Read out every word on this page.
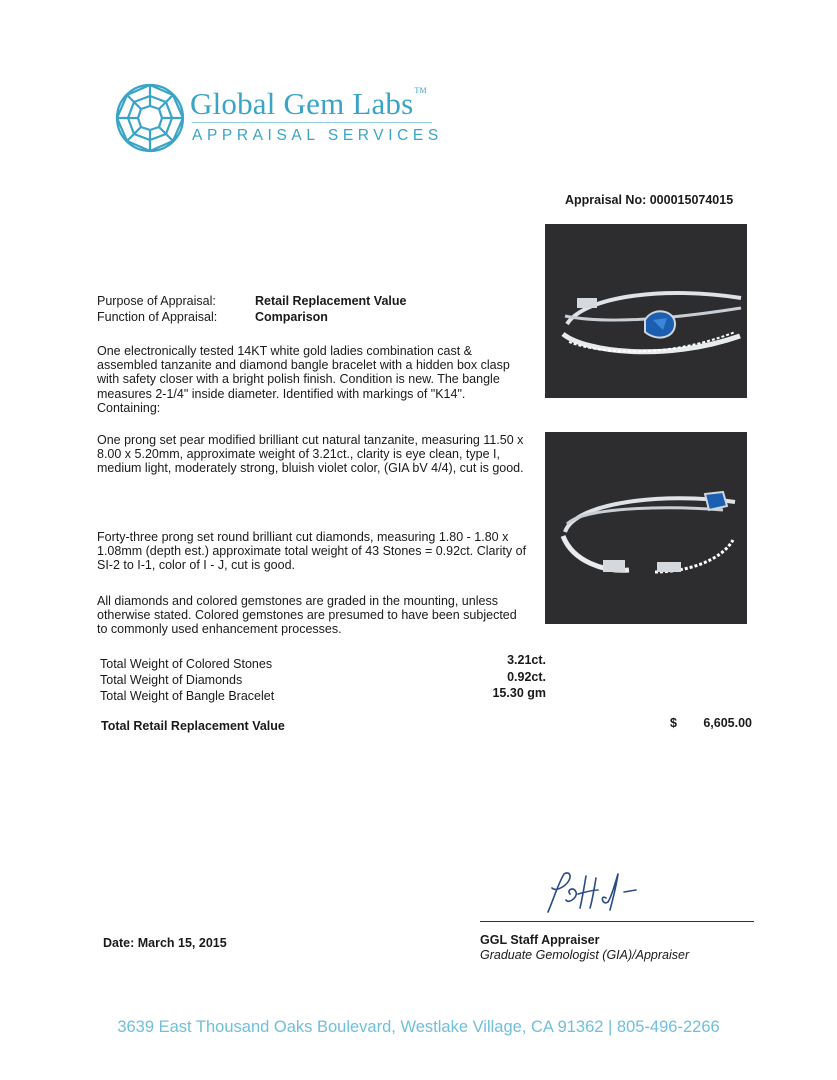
Global Gem Labs™
APPRAISAL SERVICES
Appraisal No: 000015074015
Purpose of Appraisal:	Retail Replacement Value
Function of Appraisal:	Comparison
One electronically tested 14KT white gold ladies combination cast & assembled tanzanite and diamond bangle bracelet with a hidden box clasp with safety closer with a bright polish finish. Condition is new. The bangle measures 2-1/4" inside diameter. Identified with markings of "K14". Containing:
One prong set pear modified brilliant cut natural tanzanite, measuring 11.50 x 8.00 x 5.20mm, approximate weight of 3.21ct., clarity is eye clean, type I, medium light, moderately strong, bluish violet color, (GIA bV 4/4), cut is good.
Forty-three prong set round brilliant cut diamonds, measuring 1.80 - 1.80 x 1.08mm (depth est.) approximate total weight of 43 Stones = 0.92ct. Clarity of SI-2 to I-1, color of I - J, cut is good.
All diamonds and colored gemstones are graded in the mounting, unless otherwise stated. Colored gemstones are presumed to have been subjected to commonly used enhancement processes.
Total Weight of Colored Stones	3.21ct.
Total Weight of Diamonds	0.92ct.
Total Weight of Bangle Bracelet	15.30 gm
Total Retail Replacement Value	$	6,605.00
GGL Staff Appraiser
Graduate Gemologist (GIA)/Appraiser
Date: March 15, 2015
3639 East Thousand Oaks Boulevard, Westlake Village, CA 91362 | 805-496-2266
